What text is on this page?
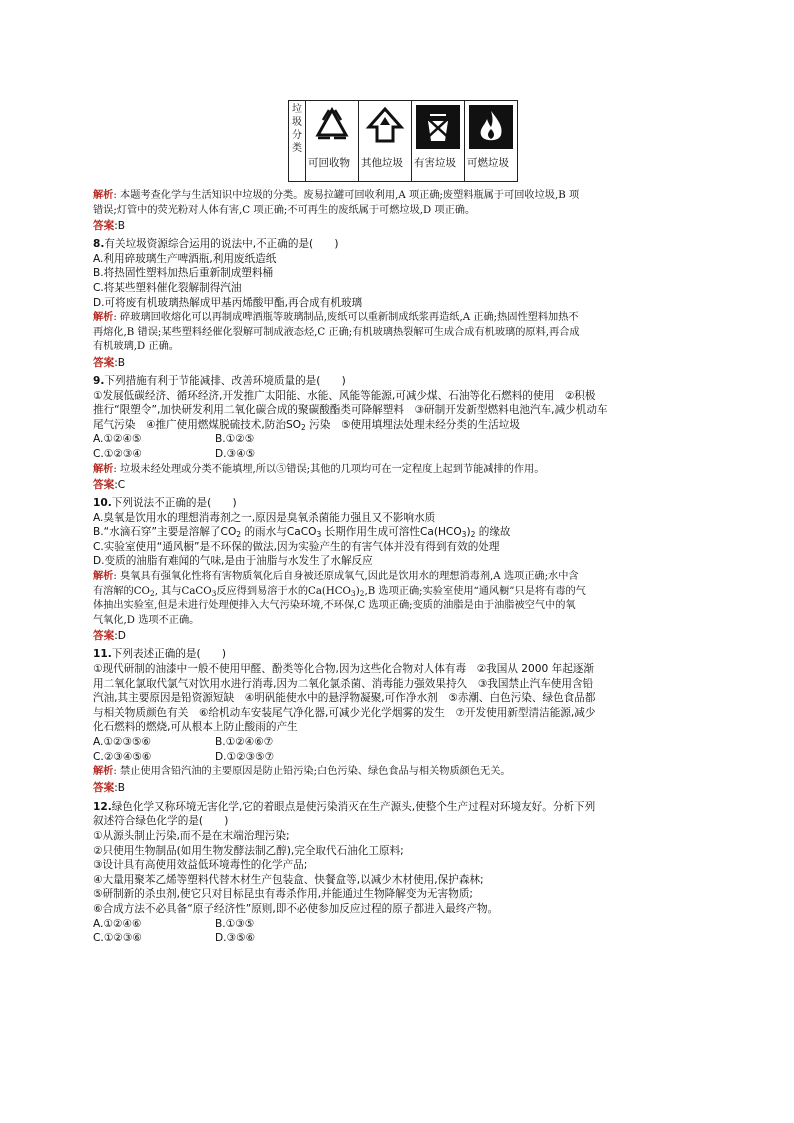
垃
圾
分
类

可回收物	其他垃圾	有害垃圾	可燃垃圾
解析: 本题考查化学与生活知识中垃圾的分类。废易拉罐可回收利用,A 项正确;废塑料瓶属于可回收垃圾,B 项
错误;灯管中的荧光粉对人体有害,C 项正确;不可再生的废纸属于可燃垃圾,D 项正确。
答案:B
8.有关垃圾资源综合运用的说法中,不正确的是(　　)
A.利用碎玻璃生产啤酒瓶,利用废纸造纸
B.将热固性塑料加热后重新制成塑料桶
C.将某些塑料催化裂解制得汽油
D.可将废有机玻璃热解成甲基丙烯酸甲酯,再合成有机玻璃
解析: 碎玻璃回收熔化可以再制成啤酒瓶等玻璃制品,废纸可以重新制成纸浆再造纸,A 正确;热固性塑料加热不
再熔化,B 错误;某些塑料经催化裂解可制成液态烃,C 正确;有机玻璃热裂解可生成合成有机玻璃的原料,再合成
有机玻璃,D 正确。
答案:B
9.下列措施有利于节能减排、改善环境质量的是(　　)
①发展低碳经济、循环经济,开发推广太阳能、水能、风能等能源,可减少煤、石油等化石燃料的使用　②积极
推行“限塑令”,加快研发利用二氧化碳合成的聚碳酸酯类可降解塑料　③研制开发新型燃料电池汽车,减少机动车
尾气污染　④推广使用燃煤脱硫技术,防治$SO_2$ 污染　⑤使用填埋法处理未经分类的生活垃圾
A.①②④⑤	B.①②⑤
C.①②③④	D.③④⑤
解析: 垃圾未经处理或分类不能填埋,所以⑤错误;其他的几项均可在一定程度上起到节能减排的作用。
答案:C
10.下列说法不正确的是(　　)
A.臭氧是饮用水的理想消毒剂之一,原因是臭氧杀菌能力强且又不影响水质
B.“水滴石穿”主要是溶解了$CO_2$ 的雨水与CaCO$_3$ 长期作用生成可溶性$Ca(HCO_3)_2$ 的缘故
C.实验室使用“通风橱”是不环保的做法,因为实验产生的有害气体并没有得到有效的处理
D.变质的油脂有难闻的气味,是由于油脂与水发生了水解反应
解析: 臭氧具有强氧化性将有害物质氧化后自身被还原成氧气,因此是饮用水的理想消毒剂,A 选项正确;水中含
有溶解的$CO_2$, 其与CaCO$_3$反应得到易溶于水的$Ca(HCO_3)_2,B$ 选项正确;实验室使用“通风橱”只是将有毒的气
体抽出实验室,但是未进行处理便排入大气污染环境,不环保,C 选项正确;变质的油脂是由于油脂被空气中的氧
气氧化,D 选项不正确。
答案:D
11.下列表述正确的是(　　)
①现代研制的油漆中一般不使用甲醛、酚类等化合物,因为这些化合物对人体有毒　②我国从 2000 年起逐渐
用二氧化氯取代氯气对饮用水进行消毒,因为二氧化氯杀菌、消毒能力强效果持久　③我国禁止汽车使用含铅
汽油,其主要原因是铅资源短缺　④明矾能使水中的悬浮物凝聚,可作净水剂　⑤赤潮、白色污染、绿色食品都
与相关物质颜色有关　⑥给机动车安装尾气净化器,可减少光化学烟雾的发生　⑦开发使用新型清洁能源,减少
化石燃料的燃烧,可从根本上防止酸雨的产生
A.①②③⑤⑥	B.①②④⑥⑦
C.②③④⑤⑥	D.①②③⑤⑦
解析: 禁止使用含铅汽油的主要原因是防止铅污染;白色污染、绿色食品与相关物质颜色无关。
答案:B
12.绿色化学又称环境无害化学,它的着眼点是使污染消灭在生产源头,使整个生产过程对环境友好。分析下列
叙述符合绿色化学的是(　　)
①从源头制止污染,而不是在末端治理污染;
②只使用生物制品(如用生物发酵法制乙醇),完全取代石油化工原料;
③设计具有高使用效益低环境毒性的化学产品;
④大量用聚苯乙烯等塑料代替木材生产包装盒、快餐盒等,以减少木材使用,保护森林;
⑤研制新的杀虫剂,使它只对目标昆虫有毒杀作用,并能通过生物降解变为无害物质;
⑥合成方法不必具备“原子经济性”原则,即不必使参加反应过程的原子都进入最终产物。
A.①②④⑥	B.①③⑤
C.①②③⑥	D.③⑤⑥
